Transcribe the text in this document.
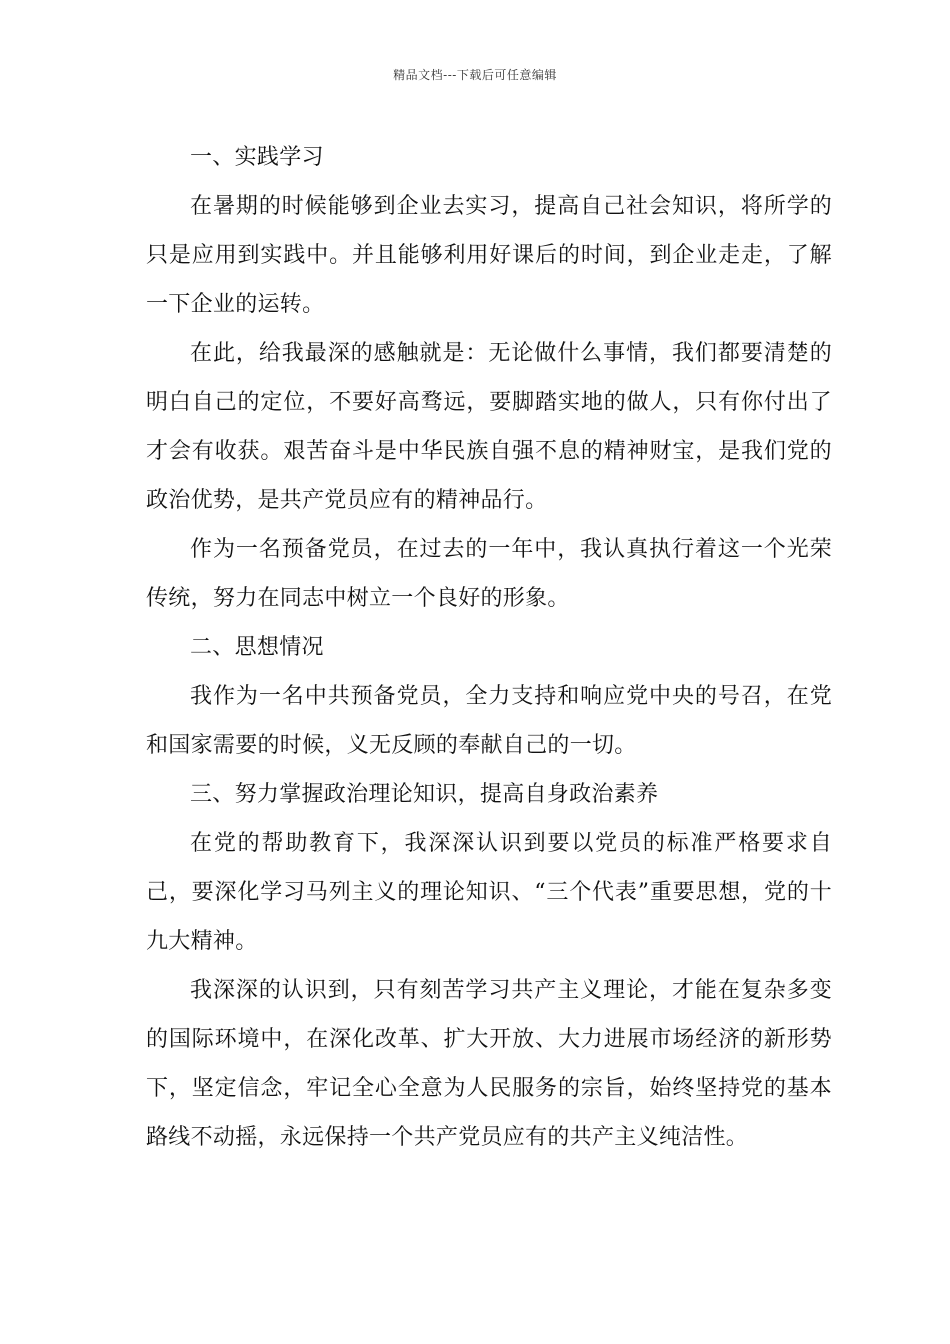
精品文档---下载后可任意编辑

一、实践学习

在暑期的时候能够到企业去实习，提高自己社会知识，将所学的只是应用到实践中。并且能够利用好课后的时间，到企业走走，了解一下企业的运转。

在此，给我最深的感触就是：无论做什么事情，我们都要清楚的明白自己的定位，不要好高骛远，要脚踏实地的做人，只有你付出了才会有收获。艰苦奋斗是中华民族自强不息的精神财宝，是我们党的政治优势，是共产党员应有的精神品行。

作为一名预备党员，在过去的一年中，我认真执行着这一个光荣传统，努力在同志中树立一个良好的形象。

二、思想情况

我作为一名中共预备党员，全力支持和响应党中央的号召，在党和国家需要的时候，义无反顾的奉献自己的一切。

三、努力掌握政治理论知识，提高自身政治素养

在党的帮助教育下，我深深认识到要以党员的标准严格要求自己，要深化学习马列主义的理论知识、“三个代表”重要思想，党的十九大精神。

我深深的认识到，只有刻苦学习共产主义理论，才能在复杂多变的国际环境中，在深化改革、扩大开放、大力进展市场经济的新形势下，坚定信念，牢记全心全意为人民服务的宗旨，始终坚持党的基本路线不动摇，永远保持一个共产党员应有的共产主义纯洁性。
